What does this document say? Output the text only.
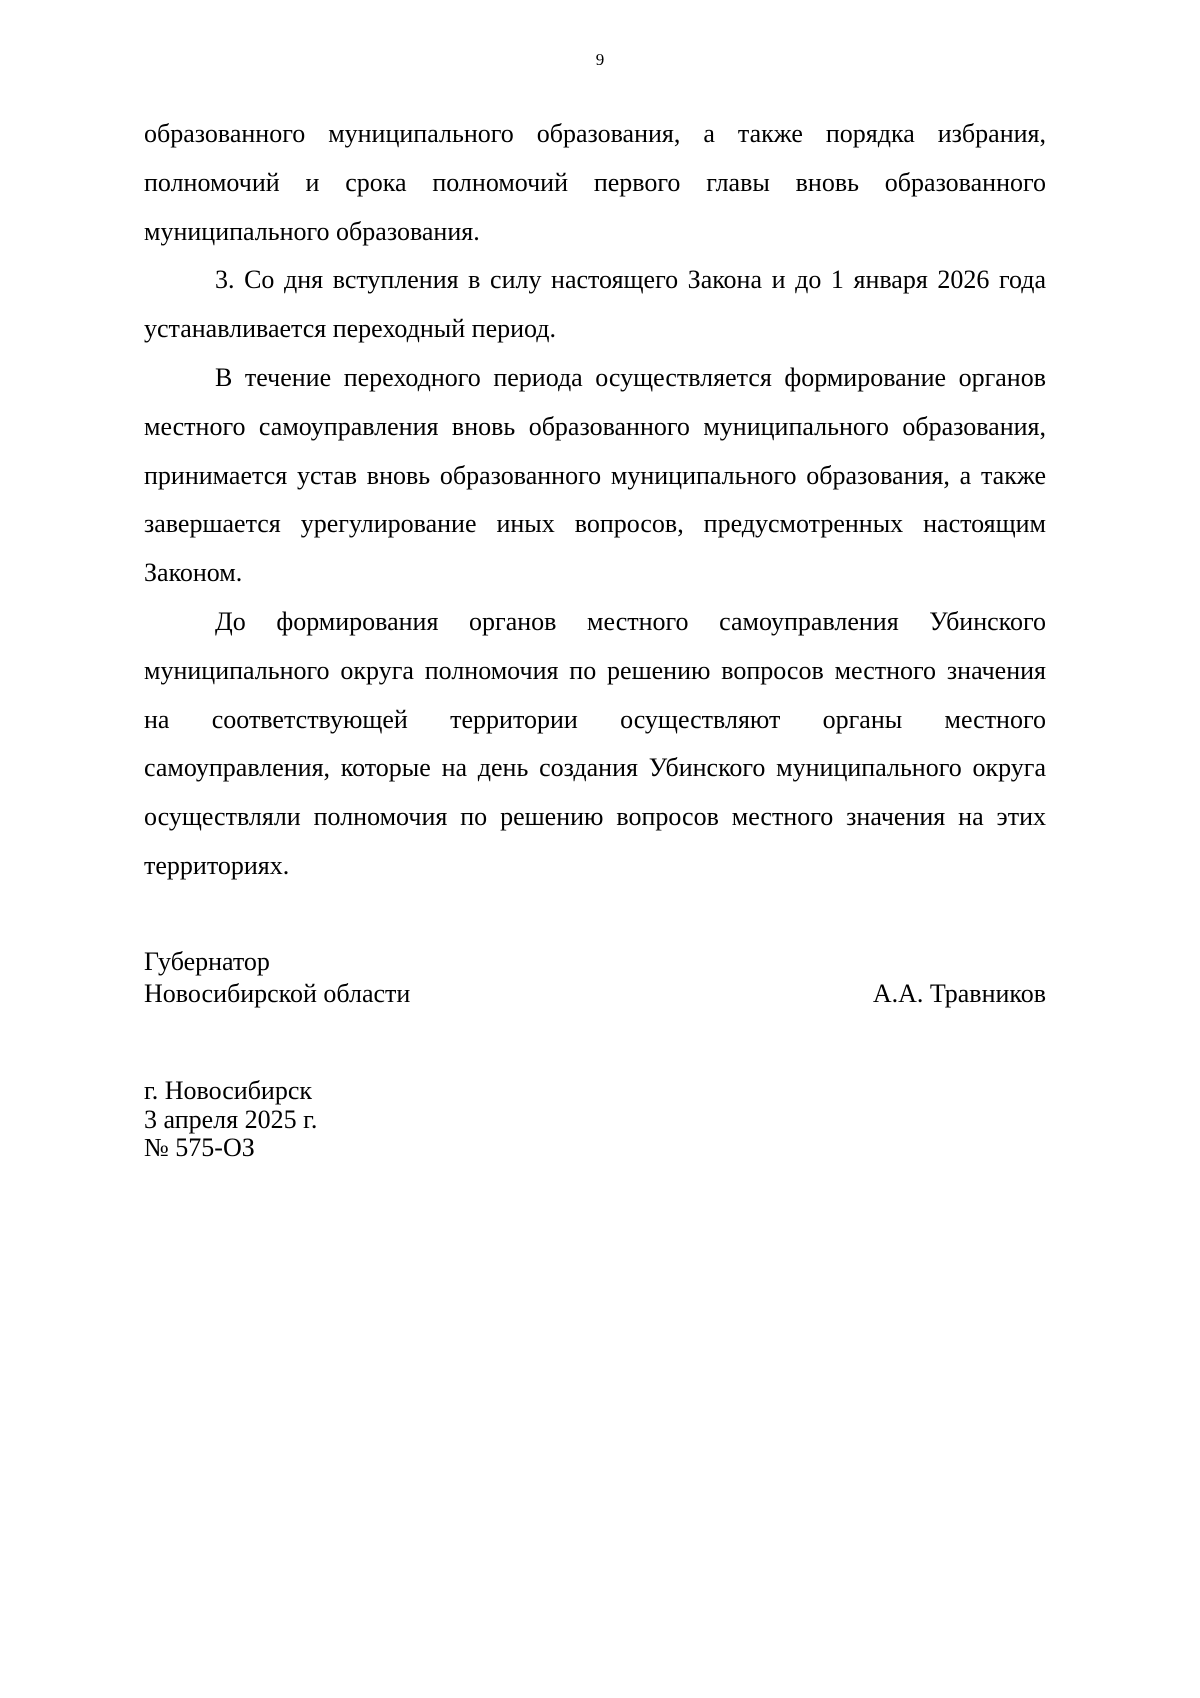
9

образованного муниципального образования, а также порядка избрания, полномочий и срока полномочий первого главы вновь образованного муниципального образования.

3. Со дня вступления в силу настоящего Закона и до 1 января 2026 года устанавливается переходный период.

В течение переходного периода осуществляется формирование органов местного самоуправления вновь образованного муниципального образования, принимается устав вновь образованного муниципального образования, а также завершается урегулирование иных вопросов, предусмотренных настоящим Законом.

До формирования органов местного самоуправления Убинского муниципального округа полномочия по решению вопросов местного значения на соответствующей территории осуществляют органы местного самоуправления, которые на день создания Убинского муниципального округа осуществляли полномочия по решению вопросов местного значения на этих территориях.

Губернатор
Новосибирской области	А.А. Травников
г. Новосибирск
3 апреля 2025 г.
№ 575-ОЗ
